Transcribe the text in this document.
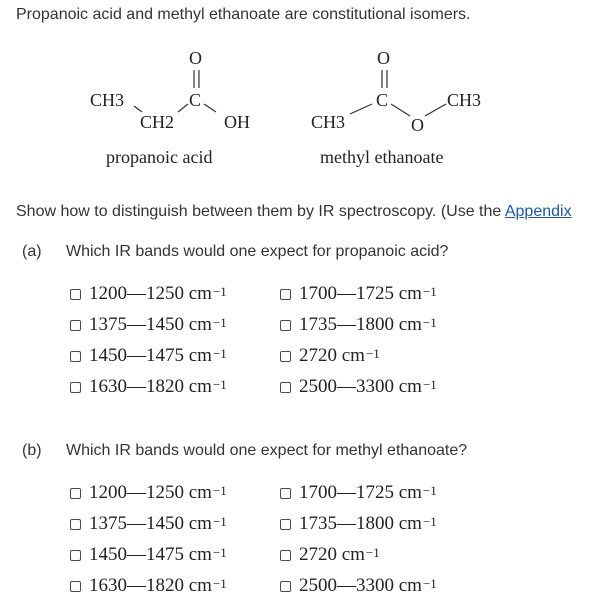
Propanoic acid and methyl ethanoate are constitutional isomers.
O
C
CH3
CH2	OH
propanoic acid
O
C
CH3	O
CH3
methyl ethanoate
Show how to distinguish between them by IR spectroscopy. (Use the Appendix
(a) Which IR bands would one expect for propanoic acid?
1200—1250 $cm^{-1}$	1700—1725 $cm^{-1}$
1375—1450 $cm^{-1}$	1735—1800 $cm^{-1}$
1450—1475 $cm^{-1}$	2720 $cm^{-1}$
1630—1820 $cm^{-1}$	2500—3300 $cm^{-1}$
(b) Which IR bands would one expect for methyl ethanoate?
1200—1250 $cm^{-1}$	1700—1725 $cm^{-1}$
1375—1450 $cm^{-1}$	1735—1800 $cm^{-1}$
1450—1475 $cm^{-1}$	2720 $cm^{-1}$
1630—1820 $cm^{-1}$	2500—3300 $cm^{-1}$
